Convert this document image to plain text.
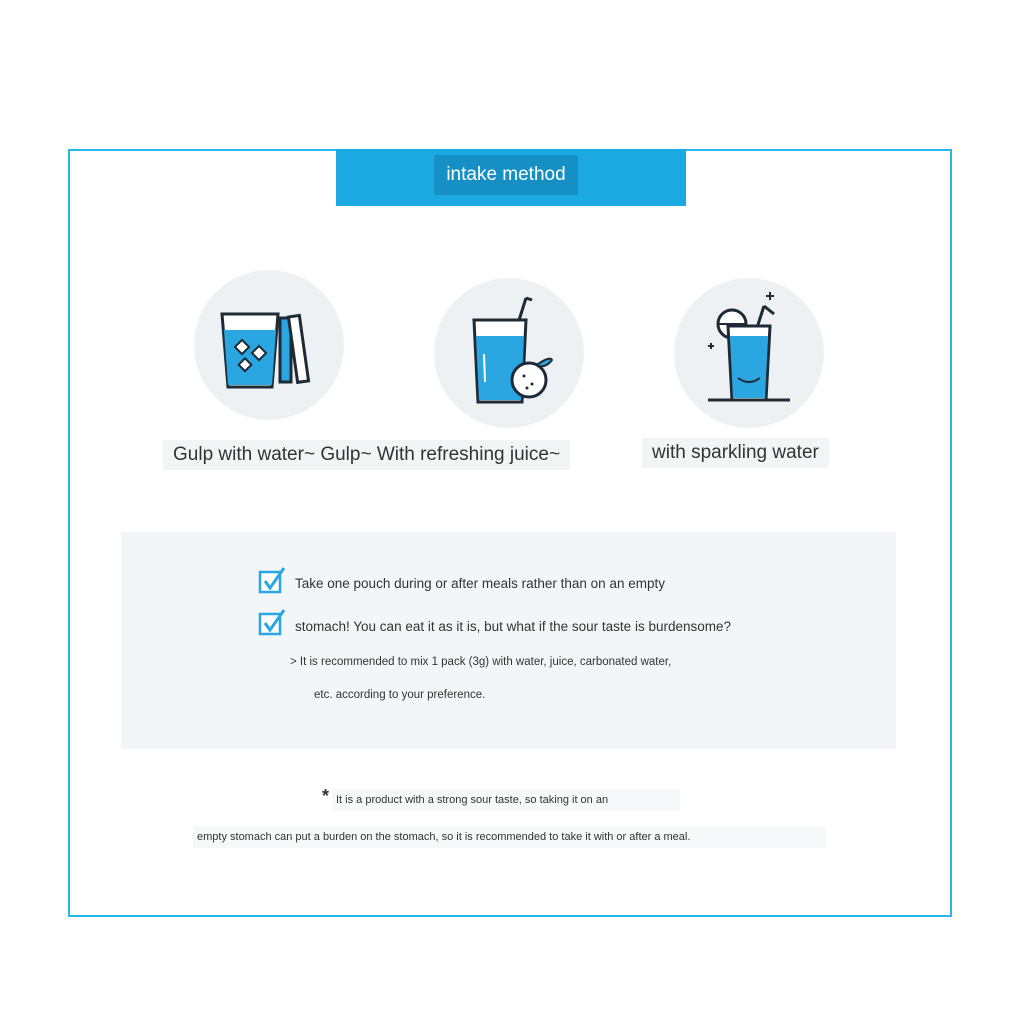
intake method
Gulp with water~ Gulp~ With refreshing juice~	with sparkling water
Take one pouch during or after meals rather than on an empty
stomach! You can eat it as it is, but what if the sour taste is burdensome?
> It is recommended to mix 1 pack (3g) with water, juice, carbonated water,
etc. according to your preference.
* It is a product with a strong sour taste, so taking it on an
empty stomach can put a burden on the stomach, so it is recommended to take it with or after a meal.
